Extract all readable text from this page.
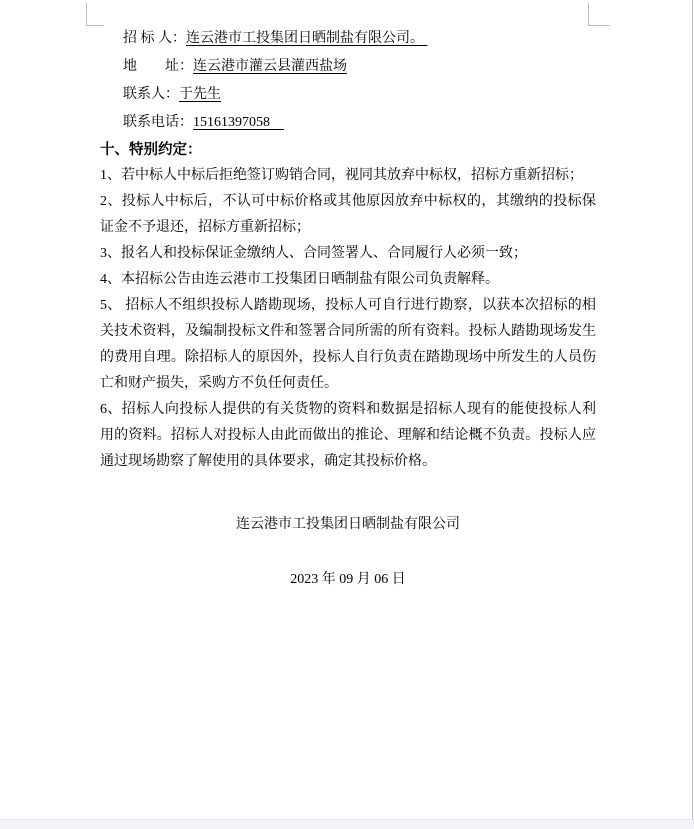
招 标 人：连云港市工投集团日晒制盐有限公司。
地　　址：连云港市灌云县灌西盐场
联系人：于先生
联系电话：15161397058
十、特别约定：

1、若中标人中标后拒绝签订购销合同，视同其放弃中标权，招标方重新招标；

2、投标人中标后，不认可中标价格或其他原因放弃中标权的，其缴纳的投标保证金不予退还，招标方重新招标；

3、报名人和投标保证金缴纳人、合同签署人、合同履行人必须一致；

4、本招标公告由连云港市工投集团日晒制盐有限公司负责解释。

5、 招标人不组织投标人踏勘现场，投标人可自行进行勘察，以获本次招标的相关技术资料，及编制投标文件和签署合同所需的所有资料。投标人踏勘现场发生的费用自理。除招标人的原因外，投标人自行负责在踏勘现场中所发生的人员伤亡和财产损失，采购方不负任何责任。

6、招标人向投标人提供的有关货物的资料和数据是招标人现有的能使投标人利用的资料。招标人对投标人由此而做出的推论、理解和结论概不负责。投标人应通过现场勘察了解使用的具体要求，确定其投标价格。

连云港市工投集团日晒制盐有限公司
2023 年 09 月 06 日
